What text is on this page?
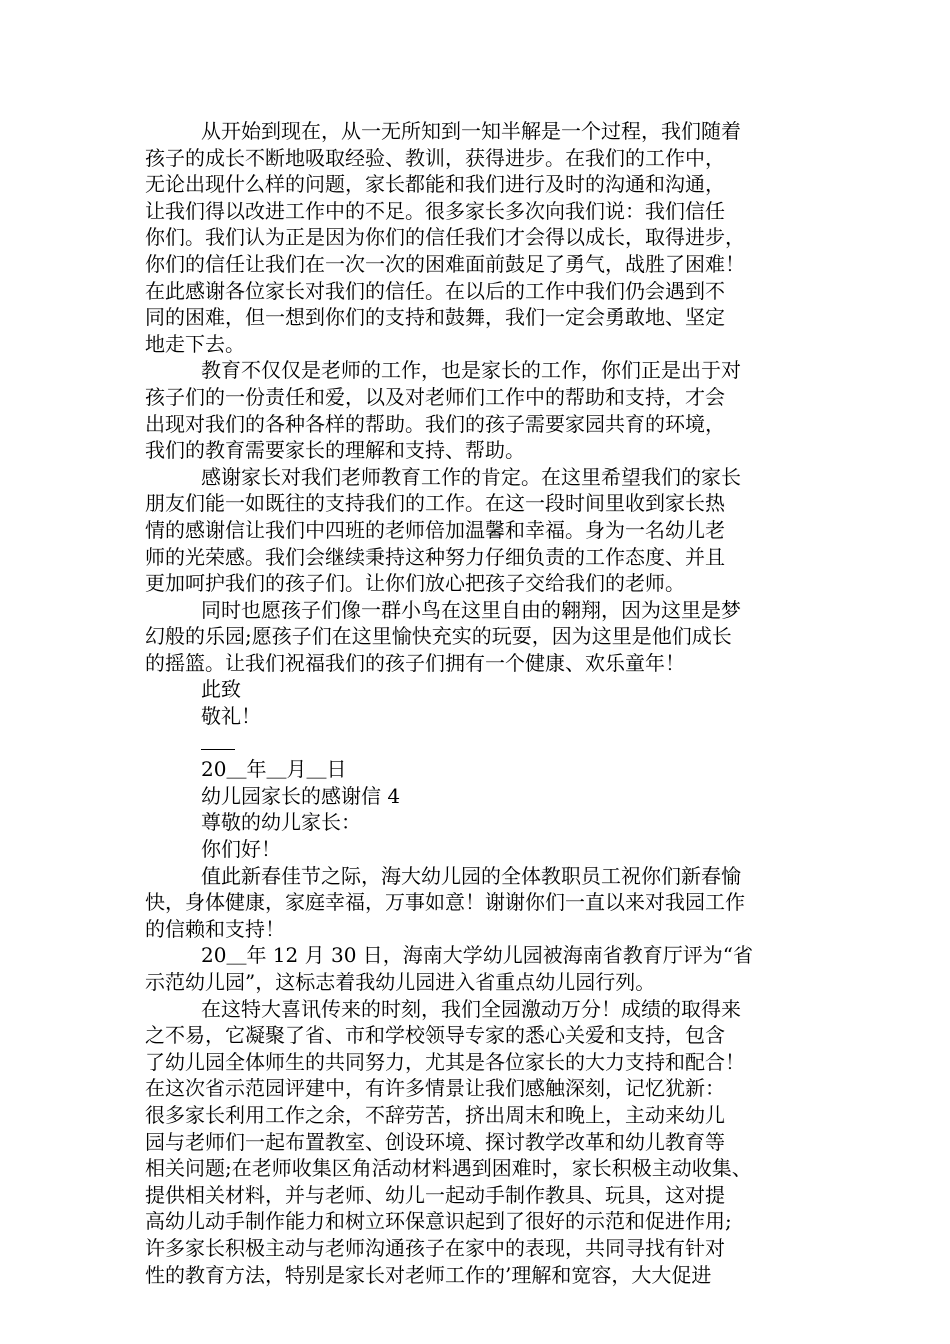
从开始到现在，从一无所知到一知半解是一个过程，我们随着
孩子的成长不断地吸取经验、教训，获得进步。在我们的工作中，
无论出现什么样的问题，家长都能和我们进行及时的沟通和沟通，
让我们得以改进工作中的不足。很多家长多次向我们说：我们信任
你们。我们认为正是因为你们的信任我们才会得以成长，取得进步，
你们的信任让我们在一次一次的困难面前鼓足了勇气，战胜了困难！
在此感谢各位家长对我们的信任。在以后的工作中我们仍会遇到不
同的困难，但一想到你们的支持和鼓舞，我们一定会勇敢地、坚定
地走下去。
教育不仅仅是老师的工作，也是家长的工作，你们正是出于对
孩子们的一份责任和爱，以及对老师们工作中的帮助和支持，才会
出现对我们的各种各样的帮助。我们的孩子需要家园共育的环境，
我们的教育需要家长的理解和支持、帮助。
感谢家长对我们老师教育工作的肯定。在这里希望我们的家长
朋友们能一如既往的支持我们的工作。在这一段时间里收到家长热
情的感谢信让我们中四班的老师倍加温馨和幸福。身为一名幼儿老
师的光荣感。我们会继续秉持这种努力仔细负责的工作态度、并且
更加呵护我们的孩子们。让你们放心把孩子交给我们的老师。
同时也愿孩子们像一群小鸟在这里自由的翱翔，因为这里是梦
幻般的乐园;愿孩子们在这里愉快充实的玩耍，因为这里是他们成长
的摇篮。让我们祝福我们的孩子们拥有一个健康、欢乐童年！
此致
敬礼！
20＿年＿月＿日
幼儿园家长的感谢信 4
尊敬的幼儿家长：
你们好！
值此新春佳节之际，海大幼儿园的全体教职员工祝你们新春愉
快，身体健康，家庭幸福，万事如意！谢谢你们一直以来对我园工作
的信赖和支持！
20＿年 12 月 30 日，海南大学幼儿园被海南省教育厅评为“省
示范幼儿园”，这标志着我幼儿园进入省重点幼儿园行列。
在这特大喜讯传来的时刻，我们全园激动万分！成绩的取得来
之不易，它凝聚了省、市和学校领导专家的悉心关爱和支持，包含
了幼儿园全体师生的共同努力，尤其是各位家长的大力支持和配合！
在这次省示范园评建中，有许多情景让我们感触深刻，记忆犹新：
很多家长利用工作之余，不辞劳苦，挤出周末和晚上，主动来幼儿
园与老师们一起布置教室、创设环境、探讨教学改革和幼儿教育等
相关问题;在老师收集区角活动材料遇到困难时，家长积极主动收集、
提供相关材料，并与老师、幼儿一起动手制作教具、玩具，这对提
高幼儿动手制作能力和树立环保意识起到了很好的示范和促进作用;
许多家长积极主动与老师沟通孩子在家中的表现，共同寻找有针对
性的教育方法，特别是家长对老师工作的’理解和宽容，大大促进
